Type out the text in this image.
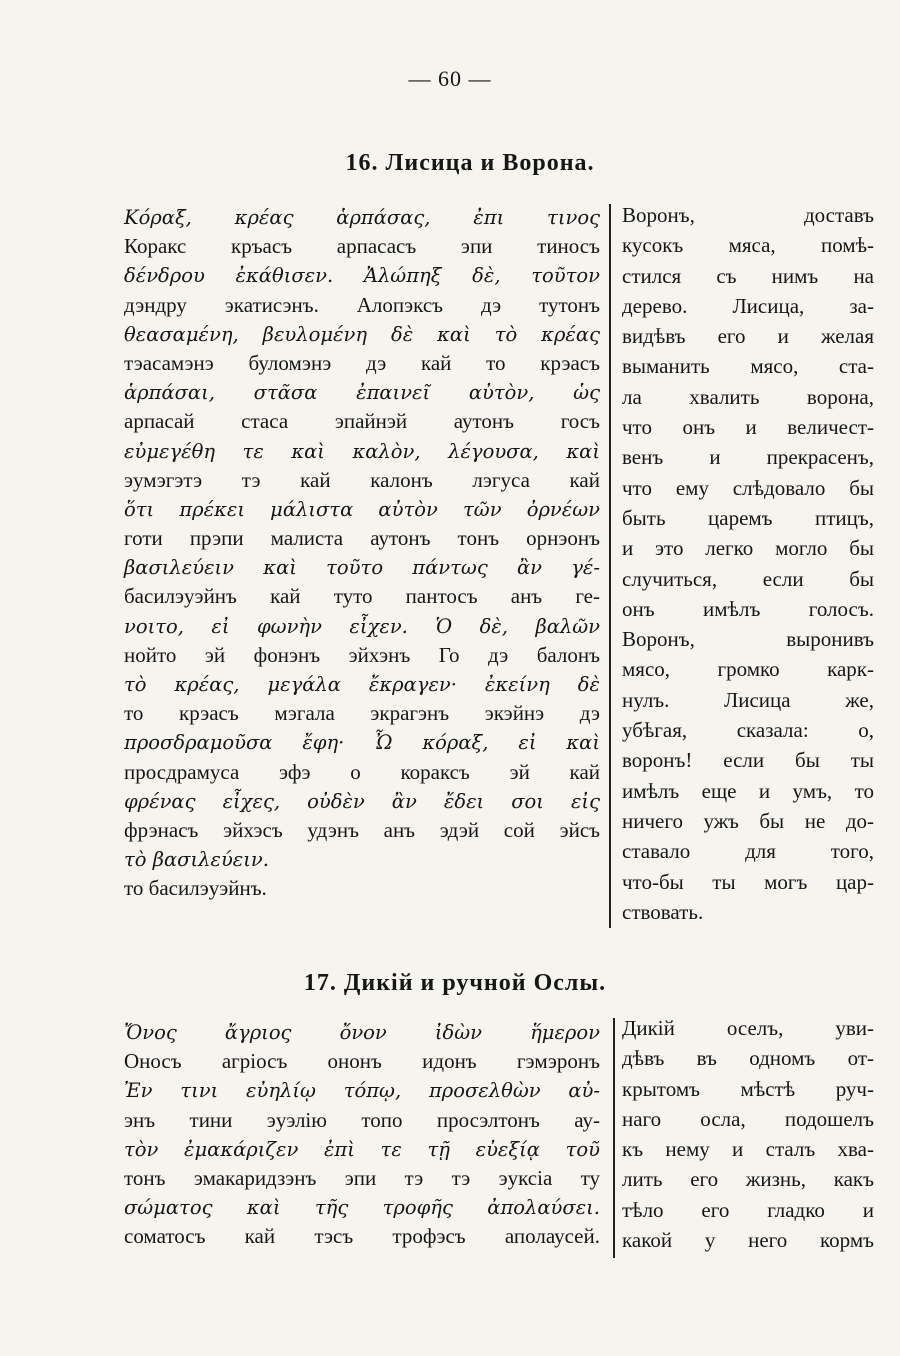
— 60 —
16. Лисица и Ворона.
Κόραξ, κρέας ἁρπάσας, ἐπι τινος
Коракс кръасъ арпасасъ эпи тиносъ
δένδρου ἐκάθισεν. Ἀλώπηξ δὲ, τοῦτον
дэндру экатисэнъ. Алопэксъ дэ тутонъ
θεασαμένη, βευλομένη δὲ καὶ τὸ κρέας
тэасамэнэ буломэнэ дэ кай то крэасъ
ἁρπάσαι, στᾶσα ἐπαινεῖ αὐτὸν, ὡς
арпасай стаса эпайнэй аутонъ госъ
εὐμεγέθη τε καὶ καλὸν, λέγουσα, καὶ
эумэгэтэ тэ кай калонъ лэгуса кай
ὅτι πρέκει μάλιστα αὐτὸν τῶν ὀρνέων
готи прэпи малиста аутонъ тонъ орнэонъ
βασιλεύειν καὶ τοῦτο πάντως ἂν γέ-
басилэуэйнъ кай туто пантосъ анъ ге-
νοιτο, εἰ φωνὴν εἶχεν. Ὁ δὲ, βαλῶν
нойто эй фонэнъ эйхэнъ Го дэ балонъ
τὸ κρέας, μεγάλα ἔκραγεν· ἐκείνη δὲ
то крэасъ мэгала экрагэнъ экэйнэ дэ
προσδραμοῦσα ἔφη· Ὦ κόραξ, εἰ καὶ
просдрамуса эфэ о кораксъ эй кай
φρένας εἶχες, οὐδὲν ἂν ἔδει σοι εἰς
фрэнасъ эйхэсъ удэнъ анъ эдэй сой эйсъ
τὸ βασιλεύειν.
то басилэуэйнъ.
Воронъ, доставъ
кусокъ мяса, помѣ-
стился съ нимъ на
дерево. Лисица, за-
видѣвъ его и желая
выманить мясо, ста-
ла хвалить ворона,
что онъ и величест-
венъ и прекрасенъ,
что ему слѣдовало бы
быть царемъ птицъ,
и это легко могло бы
случиться, если бы
онъ имѣлъ голосъ.
Воронъ, выронивъ
мясо, громко карк-
нулъ. Лисица же,
убѣгая, сказала: о,
воронъ! если бы ты
имѣлъ еще и умъ, то
ничего ужъ бы не до-
ставало для того,
что-бы ты могъ цар-
ствовать.
17. Дикій и ручной Ослы.
Ὄνος ἄγριος ὄνον ἰδὼν ἥμερον
Оносъ агріосъ ононъ идонъ гэмэронъ
Ἐν τινι εὐηλίῳ τόπῳ, προσελθὼν αὐ-
энъ тини эуэлію топо просэлтонъ ау-
τὸν ἐμακάριζεν ἐπὶ τε τῇ εὐεξίᾳ τοῦ
тонъ эмакаридзэнъ эпи тэ тэ эуксіа ту
σώματος καὶ τῆς τροφῆς ἀπολαύσει.
соматосъ кай тэсъ трофэсъ аполаусей.
Дикій оселъ, уви-
дѣвъ въ одномъ от-
крытомъ мѣстѣ руч-
наго осла, подошелъ
къ нему и сталъ хва-
лить его жизнь, какъ
тѣло его гладко и
какой у него кормъ
